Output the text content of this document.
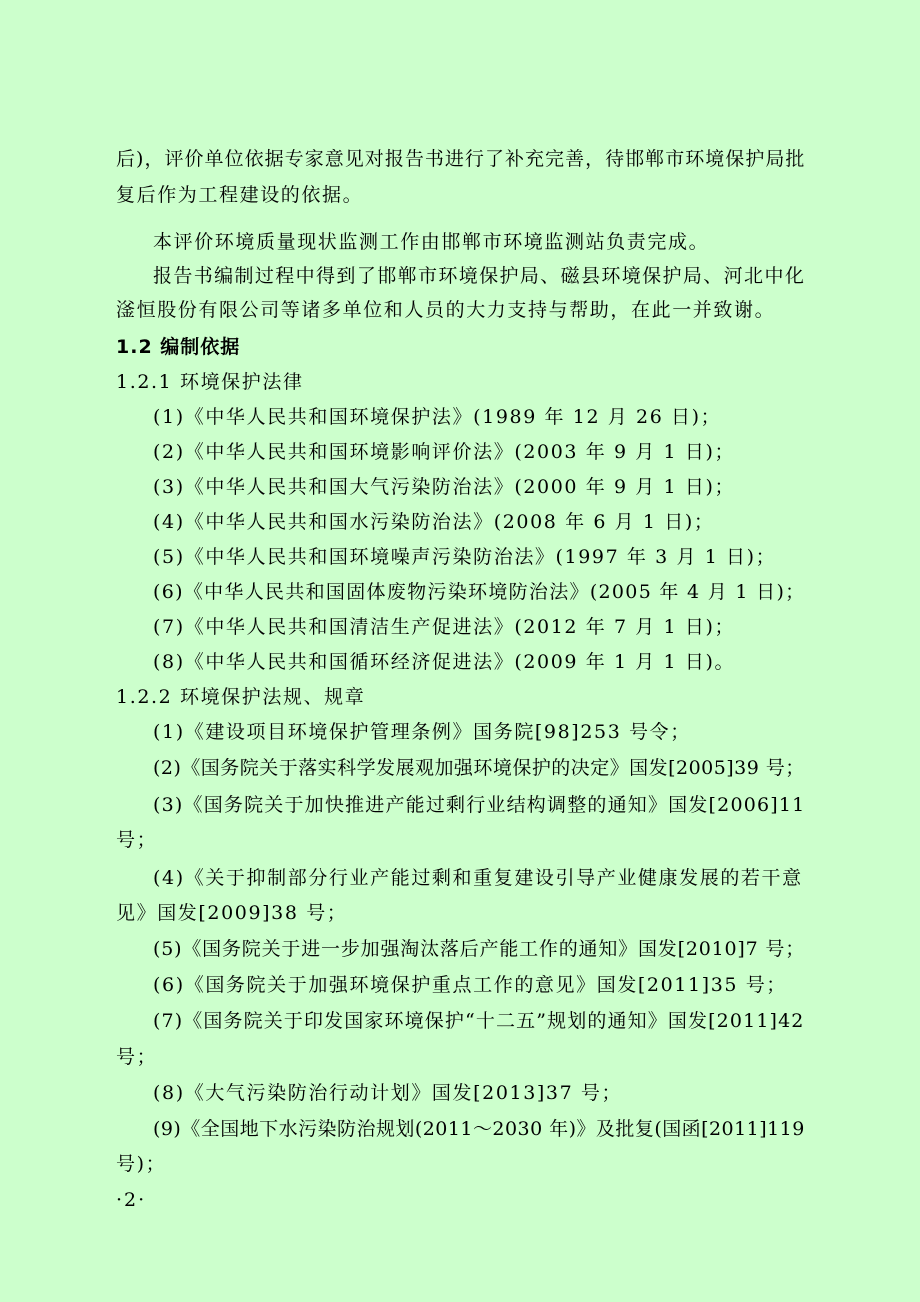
后)，评价单位依据专家意见对报告书进行了补充完善，待邯郸市环境保护局批
复后作为工程建设的依据。
本评价环境质量现状监测工作由邯郸市环境监测站负责完成。
报告书编制过程中得到了邯郸市环境保护局、磁县环境保护局、河北中化
滏恒股份有限公司等诸多单位和人员的大力支持与帮助，在此一并致谢。
1.2 编制依据
1.2.1 环境保护法律
(1)《中华人民共和国环境保护法》(1989 年 12 月 26 日)；
(2)《中华人民共和国环境影响评价法》(2003 年 9 月 1 日)；
(3)《中华人民共和国大气污染防治法》(2000 年 9 月 1 日)；
(4)《中华人民共和国水污染防治法》(2008 年 6 月 1 日)；
(5)《中华人民共和国环境噪声污染防治法》(1997 年 3 月 1 日)；
(6)《中华人民共和国固体废物污染环境防治法》(2005 年 4 月 1 日)；
(7)《中华人民共和国清洁生产促进法》(2012 年 7 月 1 日)；
(8)《中华人民共和国循环经济促进法》(2009 年 1 月 1 日)。
1.2.2 环境保护法规、规章
(1)《建设项目环境保护管理条例》国务院[98]253 号令；
(2)《国务院关于落实科学发展观加强环境保护的决定》国发[2005]39 号；
(3)《国务院关于加快推进产能过剩行业结构调整的通知》国发[2006]11
号；
(4)《关于抑制部分行业产能过剩和重复建设引导产业健康发展的若干意
见》国发[2009]38 号；
(5)《国务院关于进一步加强淘汰落后产能工作的通知》国发[2010]7 号；
(6)《国务院关于加强环境保护重点工作的意见》国发[2011]35 号；
(7)《国务院关于印发国家环境保护“十二五”规划的通知》国发[2011]42
号；
(8)《大气污染防治行动计划》国发[2013]37 号；
(9)《全国地下水污染防治规划(2011～2030 年)》及批复(国函[2011]119
号)；
·2·
